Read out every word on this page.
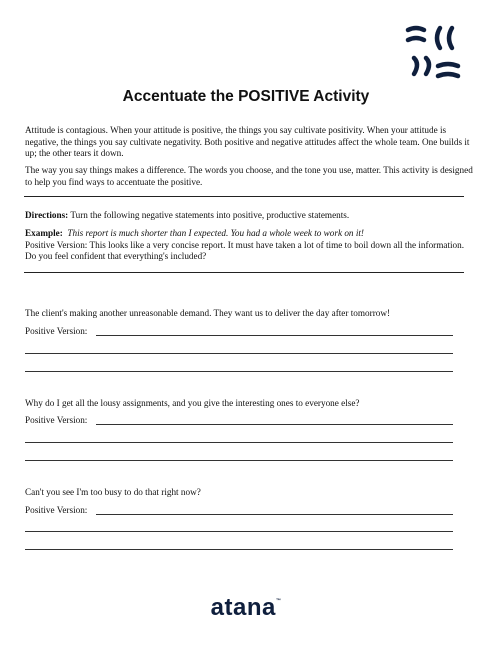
Accentuate the POSITIVE Activity
Attitude is contagious. When your attitude is positive, the things you say cultivate positivity. When your attitude is negative, the things you say cultivate negativity. Both positive and negative attitudes affect the whole team. One builds it up; the other tears it down.
The way you say things makes a difference. The words you choose, and the tone you use, matter. This activity is designed to help you find ways to accentuate the positive.
Directions: Turn the following negative statements into positive, productive statements.
Example: This report is much shorter than I expected. You had a whole week to work on it!
Positive Version: This looks like a very concise report. It must have taken a lot of time to boil down all the information. Do you feel confident that everything's included?
The client's making another unreasonable demand. They want us to deliver the day after tomorrow!
Positive Version:
Why do I get all the lousy assignments, and you give the interesting ones to everyone else?
Positive Version:
Can't you see I'm too busy to do that right now?
Positive Version:
atana™
